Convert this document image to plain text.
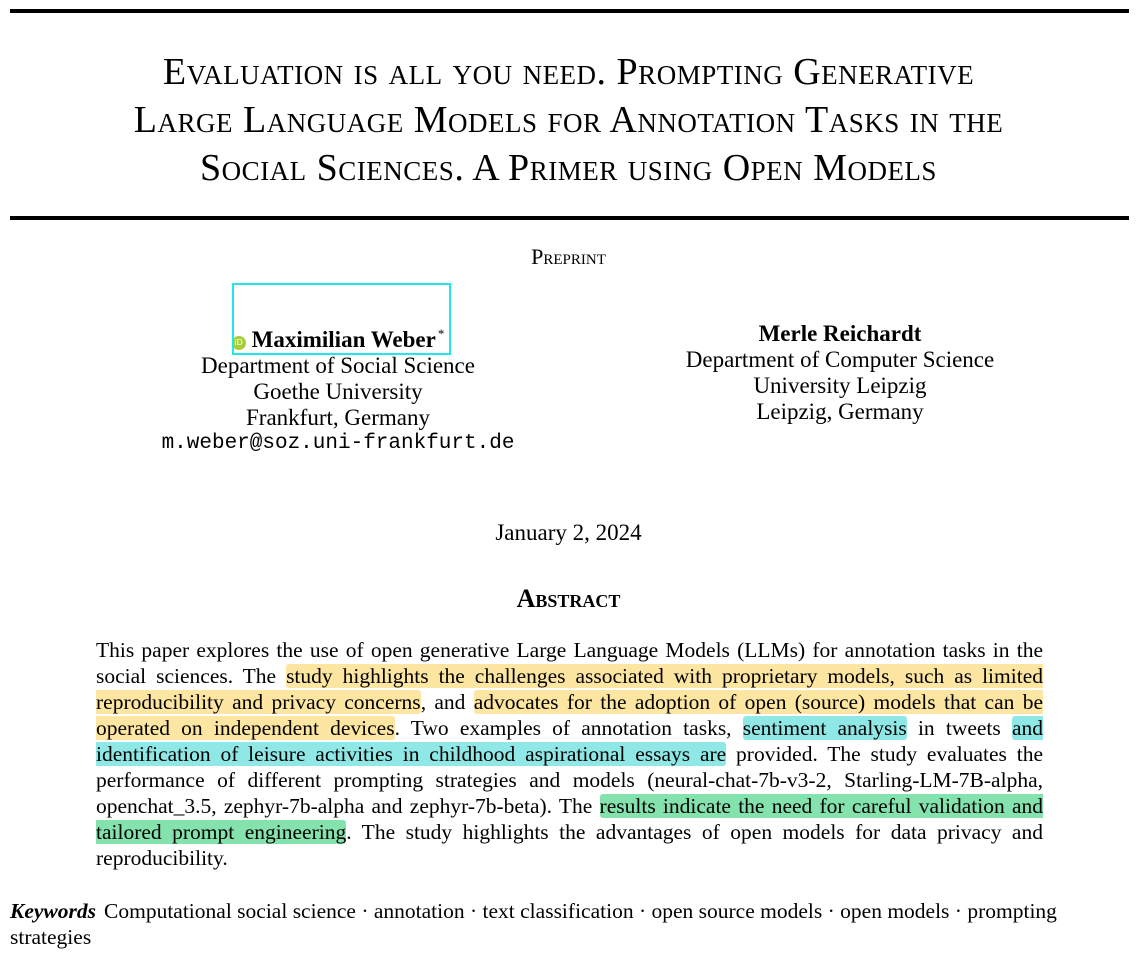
Evaluation is all you need. Prompting Generative
Large Language Models for Annotation Tasks in the
Social Sciences. A Primer using Open Models
Preprint
iD Maximilian Weber *
Department of Social Science
Goethe University
Frankfurt, Germany
m.weber@soz.uni-frankfurt.de
Merle Reichardt
Department of Computer Science
University Leipzig
Leipzig, Germany
January 2, 2024
Abstract
This paper explores the use of open generative Large Language Models (LLMs) for annotation tasks in the social sciences. The study highlights the challenges associated with proprietary models, such as limited reproducibility and privacy concerns, and advocates for the adoption of open (source) models that can be operated on independent devices. Two examples of annotation tasks, sentiment analysis in tweets and identification of leisure activities in childhood aspirational essays are provided. The study evaluates the performance of different prompting strategies and models (neural-chat-7b-v3-2, Starling-LM-7B-alpha, openchat_3.5, zephyr-7b-alpha and zephyr-7b-beta). The results indicate the need for careful validation and tailored prompt engineering. The study highlights the advantages of open models for data privacy and reproducibility.
Keywords Computational social science · annotation · text classification · open source models · open models · prompting strategies
